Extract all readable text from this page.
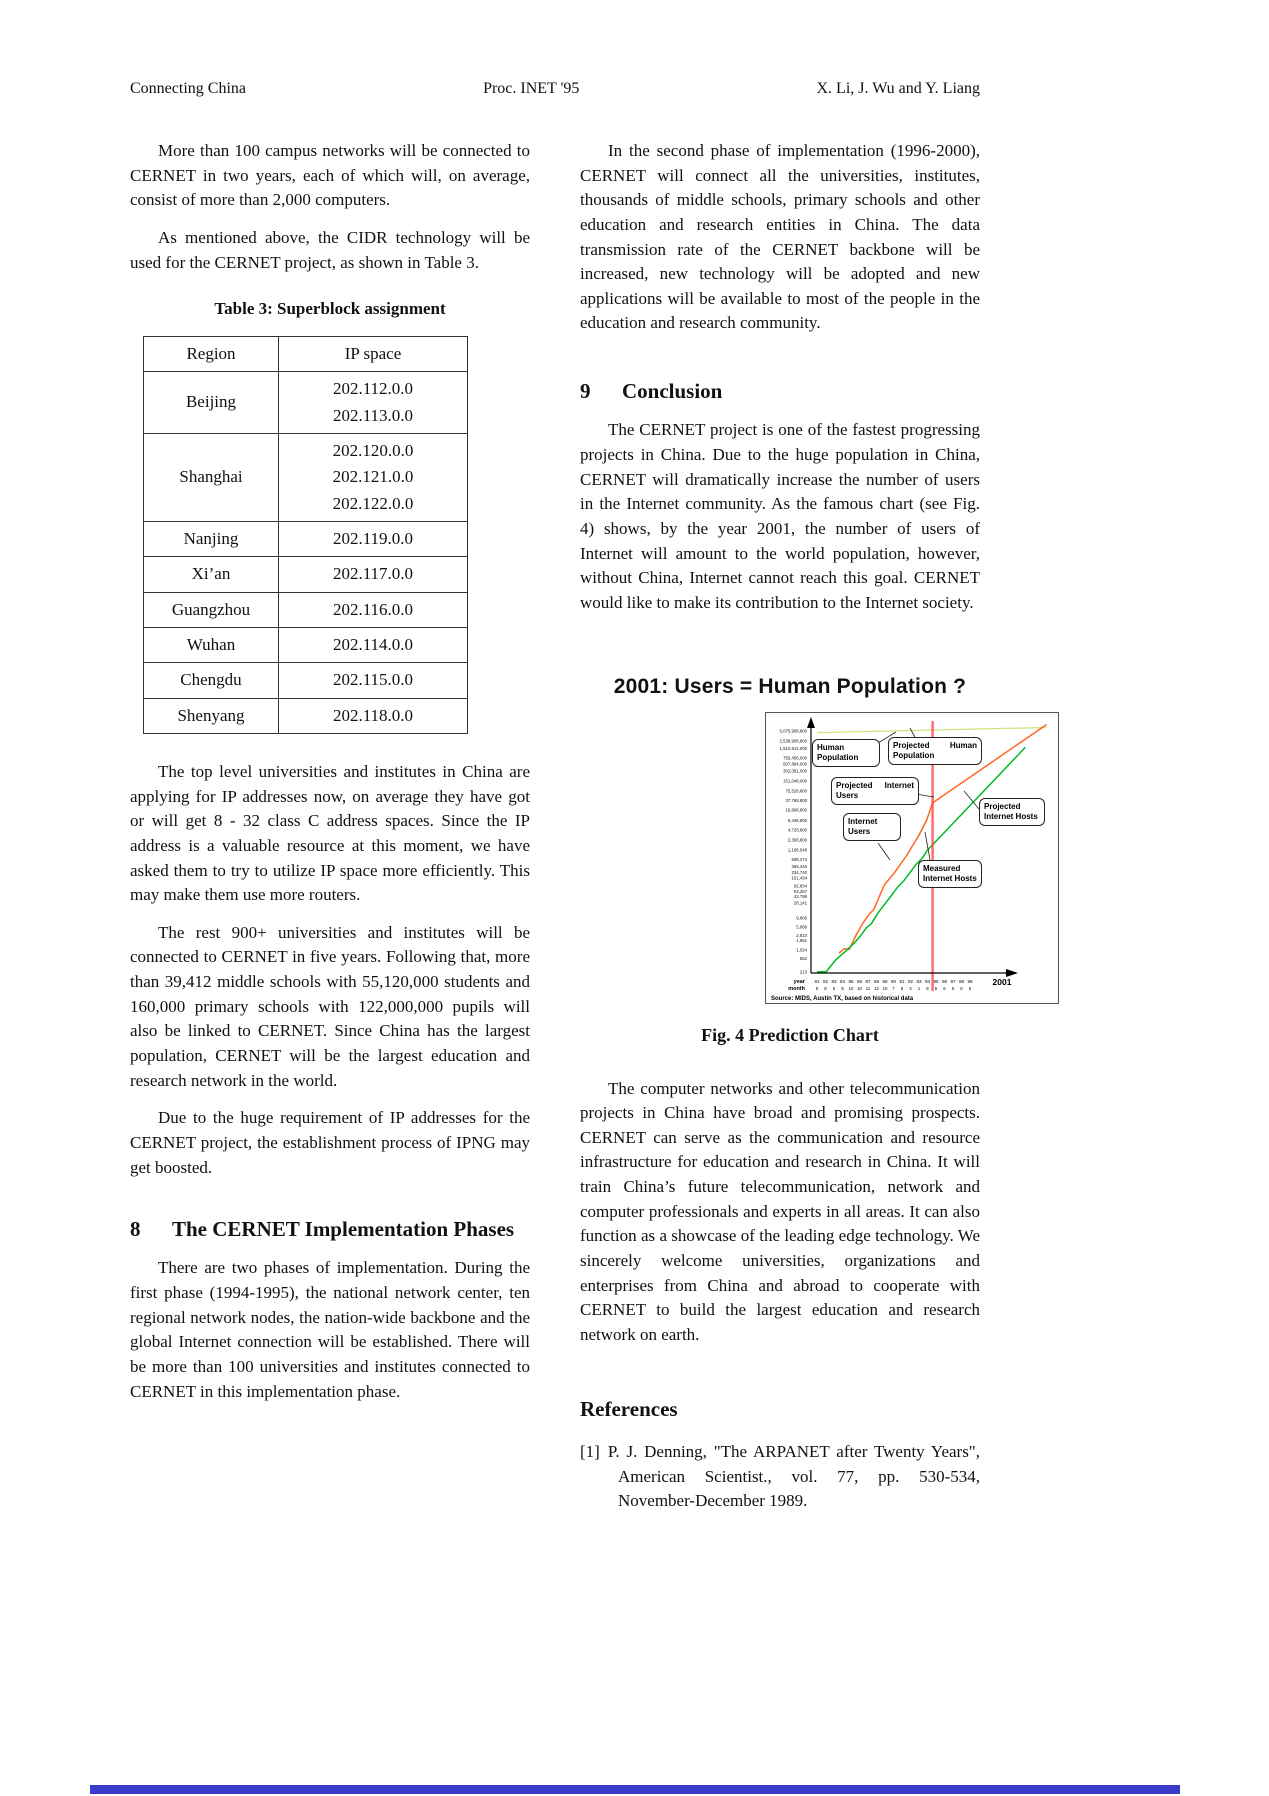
Connecting China	Proc. INET '95	X. Li, J. Wu and Y. Liang

More than 100 campus networks will be connected to CERNET in two years, each of which will, on average, consist of more than 2,000 computers.

As mentioned above, the CIDR technology will be used for the CERNET project, as shown in Table 3.

Table 3: Superblock assignment
Region	IP space
Beijing	202.112.0.0
202.113.0.0

Shanghai	202.120.0.0
202.121.0.0
202.122.0.0

Nanjing	202.119.0.0

Xi’an	202.117.0.0

Guangzhou	202.116.0.0

Wuhan	202.114.0.0

Chengdu	202.115.0.0

Shenyang	202.118.0.0

The top level universities and institutes in China are applying for IP addresses now, on average they have got or will get 8 - 32 class C address spaces. Since the IP address is a valuable resource at this moment, we have asked them to try to utilize IP space more efficiently. This may make them use more routers.

The rest 900+ universities and institutes will be connected to CERNET in five years. Following that, more than 39,412 middle schools with 55,120,000 students and 160,000 primary schools with 122,000,000 pupils will also be linked to CERNET. Since China has the largest population, CERNET will be the largest education and research network in the world.

Due to the huge requirement of IP addresses for the CERNET project, the establishment process of IPNG may get boosted.

8	The CERNET Implementation Phases

There are two phases of implementation. During the first phase (1994-1995), the national network center, ten regional network nodes, the nation-wide backbone and the global Internet connection will be established. There will be more than 100 universities and institutes connected to CERNET in this implementation phase.

In the second phase of implementation (1996-2000), CERNET will connect all the universities, institutes, thousands of middle schools, primary schools and other education and research entities in China. The data transmission rate of the CERNET backbone will be increased, new technology will be adopted and new applications will be available to most of the people in the education and research community.

9	Conclusion

The CERNET project is one of the fastest progressing projects in China. Due to the huge population in China, CERNET will dramatically increase the number of users in the Internet community. As the famous chart (see Fig. 4) shows, by the year 2001, the number of users of Internet will amount to the world population, however, without China, Internet cannot reach this goal. CERNET would like to make its contribution to the Internet society.

2001: Users = Human Population ?
5,075,908,800
2,538,908,800
1,510,912,000
755,456,000
507,894,000
302,081,000
151,048,000
75,528,800
37,768,800
19,868,800
9,448,800
4,728,800
2,368,800
1,168,548
598,274
365,345
234,740
161,434
92,834
63,267
43,798
28,141
9,806
5,089
2,810
1,961
1,024
552
213
year
month
81
8
82
8
83
5
84
8
85
10
86
10
87
11
88
12
89
10
90
7
91
6
92
3
93
1
94
8
95
6
96
6
97
6
98
6
99
6
2001
Source: MIDS, Austin TX, based on historical data
Human Population
Projected Human Population
Projected Internet Users
Internet Users
Projected Internet Hosts
Measured Internet Hosts
Fig. 4 Prediction Chart

The computer networks and other telecommunication projects in China have broad and promising prospects. CERNET can serve as the communication and resource infrastructure for education and research in China. It will train China’s future telecommunication, network and computer professionals and experts in all areas. It can also function as a showcase of the leading edge technology. We sincerely welcome universities, organizations and enterprises from China and abroad to cooperate with CERNET to build the largest education and research network on earth.

References
[1] P. J. Denning, "The ARPANET after Twenty Years", American Scientist., vol. 77, pp. 530-534, November-December 1989.
